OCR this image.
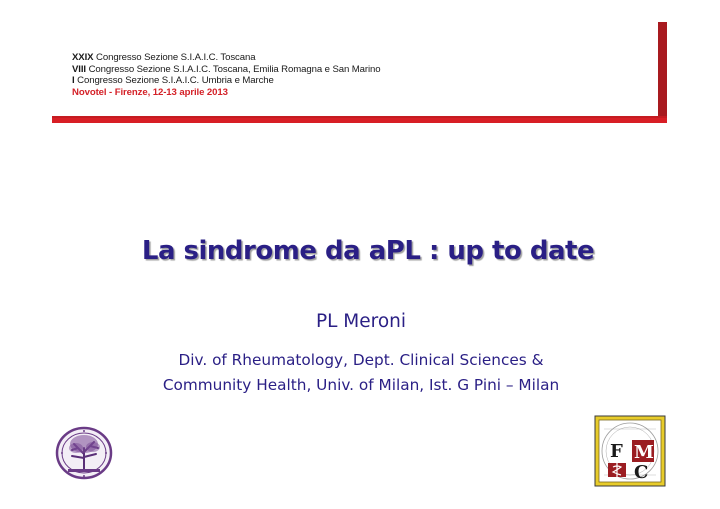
XXIX Congresso Sezione S.I.A.I.C. Toscana
VIII Congresso Sezione S.I.A.I.C. Toscana, Emilia Romagna e San Marino
I Congresso Sezione S.I.A.I.C. Umbria e Marche
Novotel - Firenze, 12-13 aprile 2013
La sindrome da aPL : up to date
PL Meroni
Div. of Rheumatology, Dept. Clinical Sciences &
Community Health, Univ. of Milan, Ist. G Pini – Milan
F M
C
